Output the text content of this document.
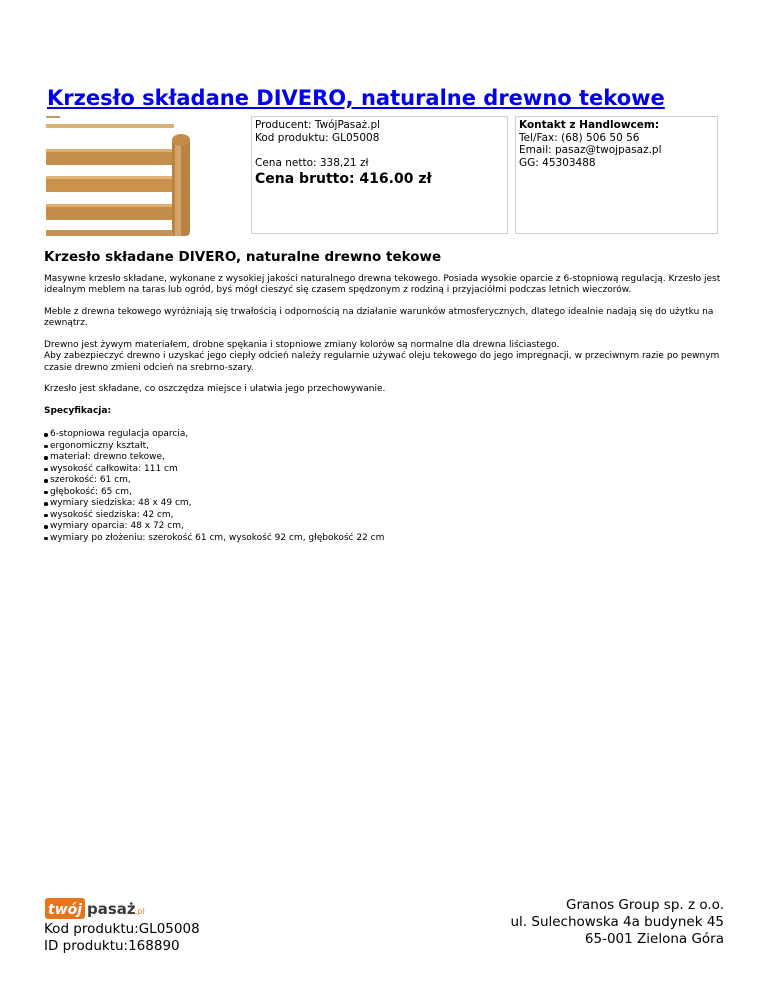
Krzesło składane DIVERO, naturalne drewno tekowe
Producent: TwójPasaż.pl
Kod produktu: GL05008
Cena netto: 338,21 zł
Cena brutto: 416.00 zł
Kontakt z Handlowcem:
Tel/Fax: (68) 506 50 56
Email: pasaz@twojpasaz.pl
GG: 45303488
Krzesło składane DIVERO, naturalne drewno tekowe

Masywne krzesło składane, wykonane z wysokiej jakości naturalnego drewna tekowego. Posiada wysokie oparcie z 6-stopniową regulacją. Krzesło jest idealnym meblem na taras lub ogród, byś mógł cieszyć się czasem spędzonym z rodziną i przyjaciółmi podczas letnich wieczorów.

Meble z drewna tekowego wyróżniają się trwałością i odpornością na działanie warunków atmosferycznych, dlatego idealnie nadają się do użytku na zewnątrz.

Drewno jest żywym materiałem, drobne spękania i stopniowe zmiany kolorów są normalne dla drewna liściastego.
Aby zabezpieczyć drewno i uzyskać jego ciepły odcień należy regularnie używać oleju tekowego do jego impregnacji, w przeciwnym razie po pewnym czasie drewno zmieni odcień na srebrno-szary.

Krzesło jest składane, co oszczędza miejsce i ułatwia jego przechowywanie.

Specyfikacja:

6-stopniowa regulacja oparcia,
ergonomiczny kształt,
materiał: drewno tekowe,
wysokość całkowita: 111 cm
szerokość: 61 cm,
głębokość: 65 cm,
wymiary siedziska: 48 x 49 cm,
wysokość siedziska: 42 cm,
wymiary oparcia: 48 x 72 cm,
wymiary po złożeniu: szerokość 61 cm, wysokość 92 cm, głębokość 22 cm
twój pasaż .pl
Kod produktu:GL05008
ID produktu:168890
Granos Group sp. z o.o.
ul. Sulechowska 4a budynek 45
65-001 Zielona Góra
